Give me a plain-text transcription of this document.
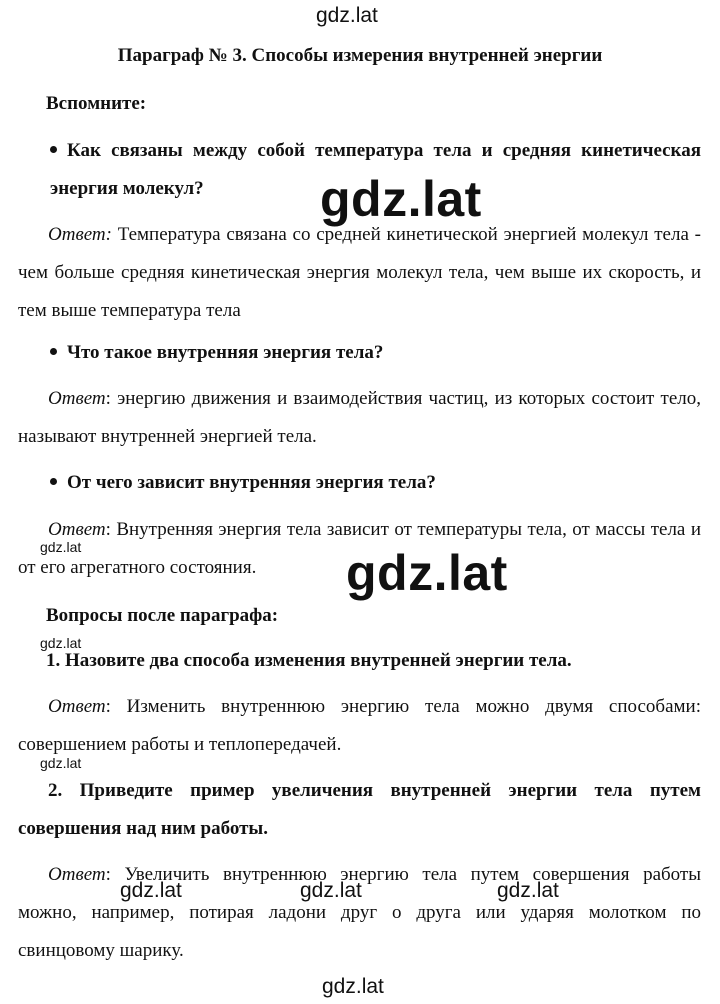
gdz.lat
gdz.lat
gdz.lat	gdz.lat
gdz.lat
gdz.lat
gdz.lat	gdz.lat	gdz.lat
gdz.lat
Параграф № 3. Способы измерения внутренней энергии
Вспомните:
Как связаны между собой температура тела и средняя кинетическая энергия молекул?
Ответ: Температура связана со средней кинетической энергией молекул тела - чем больше средняя кинетическая энергия молекул тела, чем выше их скорость, и тем выше температура тела
Что такое внутренняя энергия тела?
Ответ: энергию движения и взаимодействия частиц, из которых состоит тело, называют внутренней энергией тела.
От чего зависит внутренняя энергия тела?
Ответ: Внутренняя энергия тела зависит от температуры тела, от массы тела и от его агрегатного состояния.
Вопросы после параграфа:
1. Назовите два способа изменения внутренней энергии тела.
Ответ: Изменить внутреннюю энергию тела можно двумя способами: совершением работы и теплопередачей.
2. Приведите пример увеличения внутренней энергии тела путем совершения над ним работы.
Ответ: Увеличить внутреннюю энергию тела путем совершения работы можно, например, потирая ладони друг о друга или ударяя молотком по свинцовому шарику.
